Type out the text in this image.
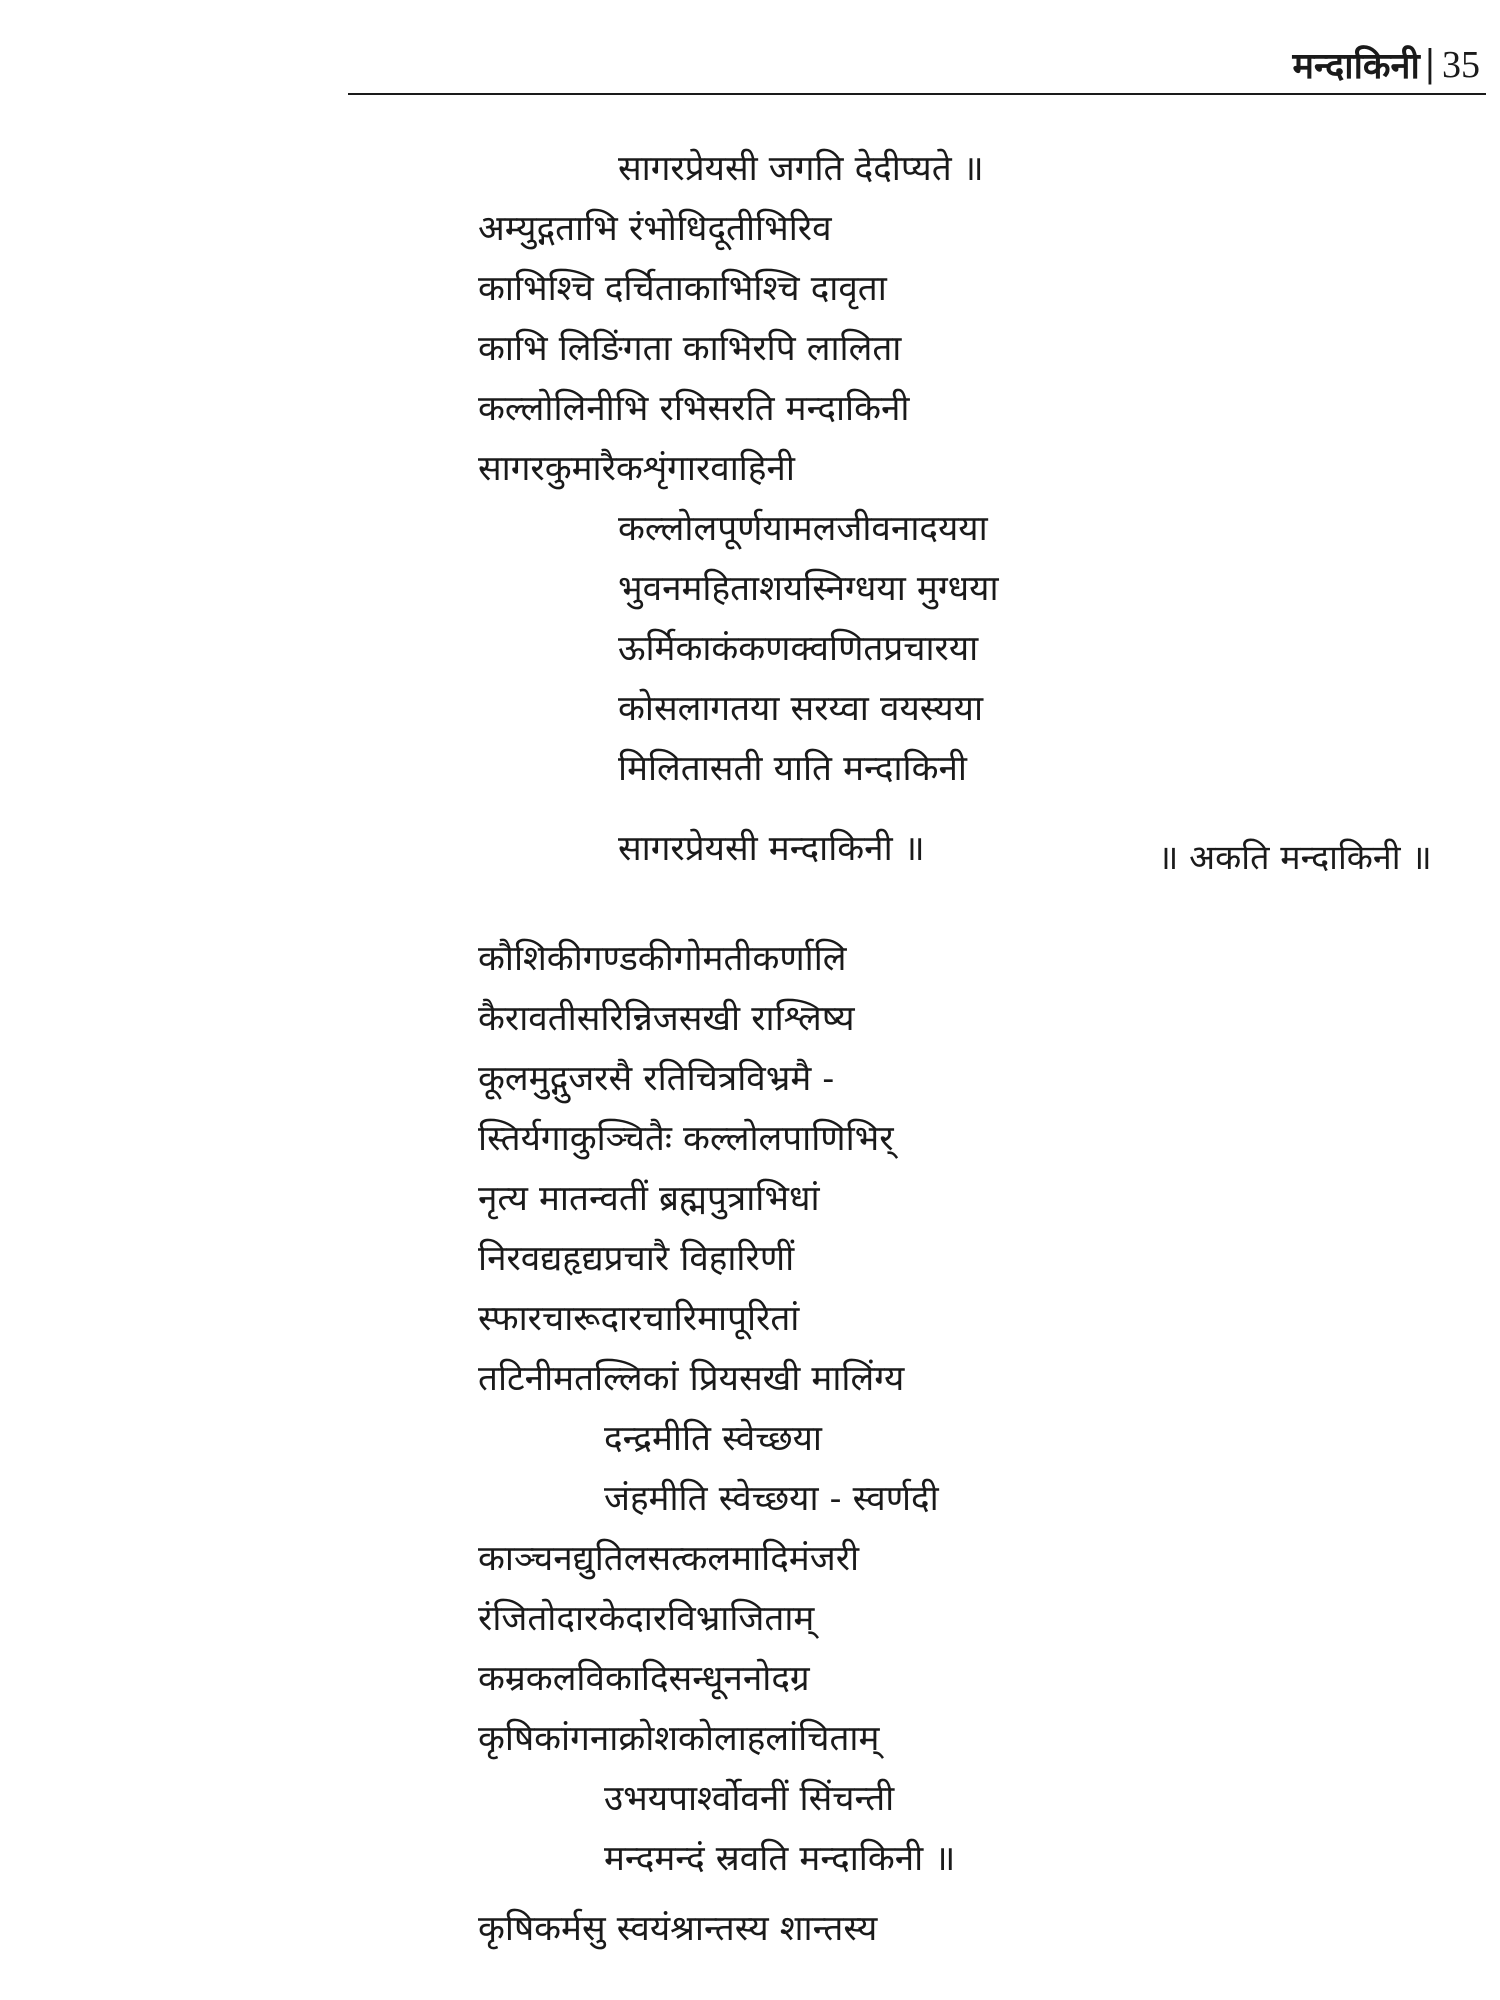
मन्दाकिनी | 35
सागरप्रेयसी जगति देदीप्यते ॥
अम्युद्गताभि रंभोधिदूतीभिरिव
काभिश्चि दर्चिताकाभिश्चि दावृता
काभि लिङिंगता काभिरपि लालिता
कल्लोलिनीभि रभिसरति मन्दाकिनी
सागरकुमारैकशृंगारवाहिनी
कल्लोलपूर्णयामलजीवनादयया
भुवनमहिताशयस्निग्धया मुग्धया
ऊर्मिकाकंकणक्वणितप्रचारया
कोसलागतया सरय्वा वयस्यया
मिलितासती याति मन्दाकिनी
सागरप्रेयसी मन्दाकिनी ॥	॥ अकति मन्दाकिनी ॥
कौशिकीगण्डकीगोमतीकर्णालि
कैरावतीसरिन्निजसखी राश्लिष्य
कूलमुद्गुजरसै रतिचित्रविभ्रमै -
स्तिर्यगाकुञ्चितैः कल्लोलपाणिभिर्
नृत्य मातन्वतीं ब्रह्मपुत्राभिधां
निरवद्यहृद्यप्रचारै विहारिणीं
स्फारचारूदारचारिमापूरितां
तटिनीमतल्लिकां प्रियसखी मालिंग्य
दन्द्रमीति स्वेच्छया
जंहमीति स्वेच्छया - स्वर्णदी
काञ्चनद्युतिलसत्कलमादिमंजरी
रंजितोदारकेदारविभ्राजिताम्
कम्रकलविकादिसन्धूननोदग्र
कृषिकांगनाक्रोशकोलाहलांचिताम्
उभयपार्श्वोवनीं सिंचन्ती
मन्दमन्दं स्रवति मन्दाकिनी ॥
कृषिकर्मसु स्वयंश्रान्तस्य शान्तस्य
